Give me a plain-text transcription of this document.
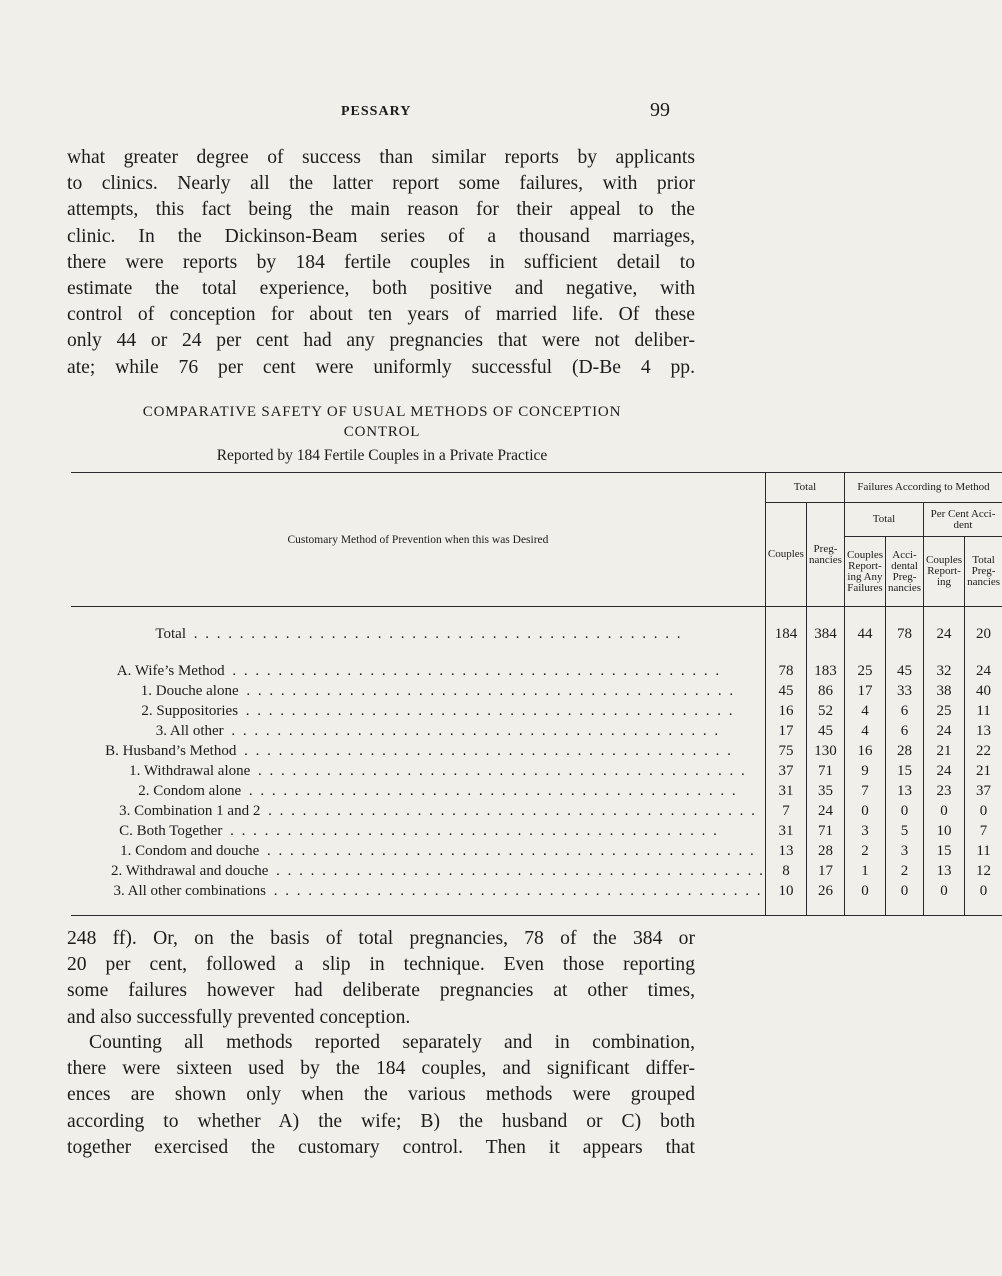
PESSARY	99
what greater degree of success than similar reports by applicants
to clinics. Nearly all the latter report some failures, with prior
attempts, this fact being the main reason for their appeal to the
clinic. In the Dickinson-Beam series of a thousand marriages,
there were reports by 184 fertile couples in sufficient detail to
estimate the total experience, both positive and negative, with
control of conception for about ten years of married life. Of these
only 44 or 24 per cent had any pregnancies that were not deliber-
ate; while 76 per cent were uniformly successful (D-Be 4 pp.
COMPARATIVE SAFETY OF USUAL METHODS OF CONCEPTION
CONTROL
Reported by 184 Fertile Couples in a Private Practice
Customary Method of Prevention when this was Desired	Total		Failures According to Method			
	Couples	Preg-nancies	Total		Per Cent Acci-dent	
			Couples Report-ing Any Failures	Acci-dental Preg-nancies	Couples Report-ing	Total Preg-nancies

Total . . . . . . . . . . . . . . . . . . . . . . . . . . . . . . . . . . . . . . . . . . .	184	384	44	78	24	20

A. Wife’s Method . . . . . . . . . . . . . . . . . . . . . . . . . . . . . . . . . . . . . . . . . . .	78	183	25	45	32	24
1. Douche alone . . . . . . . . . . . . . . . . . . . . . . . . . . . . . . . . . . . . . . . . . . .	45	86	17	33	38	40
2. Suppositories . . . . . . . . . . . . . . . . . . . . . . . . . . . . . . . . . . . . . . . . . . .	16	52	4	6	25	11
3. All other . . . . . . . . . . . . . . . . . . . . . . . . . . . . . . . . . . . . . . . . . . .	17	45	4	6	24	13
B. Husband’s Method . . . . . . . . . . . . . . . . . . . . . . . . . . . . . . . . . . . . . . . . . . .	75	130	16	28	21	22
1. Withdrawal alone . . . . . . . . . . . . . . . . . . . . . . . . . . . . . . . . . . . . . . . . . . .	37	71	9	15	24	21
2. Condom alone . . . . . . . . . . . . . . . . . . . . . . . . . . . . . . . . . . . . . . . . . . .	31	35	7	13	23	37
3. Combination 1 and 2 . . . . . . . . . . . . . . . . . . . . . . . . . . . . . . . . . . . . . . . . . . .	7	24	0	0	0	0
C. Both Together . . . . . . . . . . . . . . . . . . . . . . . . . . . . . . . . . . . . . . . . . . .	31	71	3	5	10	7
1. Condom and douche . . . . . . . . . . . . . . . . . . . . . . . . . . . . . . . . . . . . . . . . . . .	13	28	2	3	15	11
2. Withdrawal and douche . . . . . . . . . . . . . . . . . . . . . . . . . . . . . . . . . . . . . . . . . . .	8	17	1	2	13	12
3. All other combinations . . . . . . . . . . . . . . . . . . . . . . . . . . . . . . . . . . . . . . . . . . .	10	26	0	0	0	0

248 ff). Or, on the basis of total pregnancies, 78 of the 384 or
20 per cent, followed a slip in technique. Even those reporting
some failures however had deliberate pregnancies at other times,
and also successfully prevented conception.
Counting all methods reported separately and in combination,
there were sixteen used by the 184 couples, and significant differ-
ences are shown only when the various methods were grouped
according to whether A) the wife; B) the husband or C) both
together exercised the customary control. Then it appears that
